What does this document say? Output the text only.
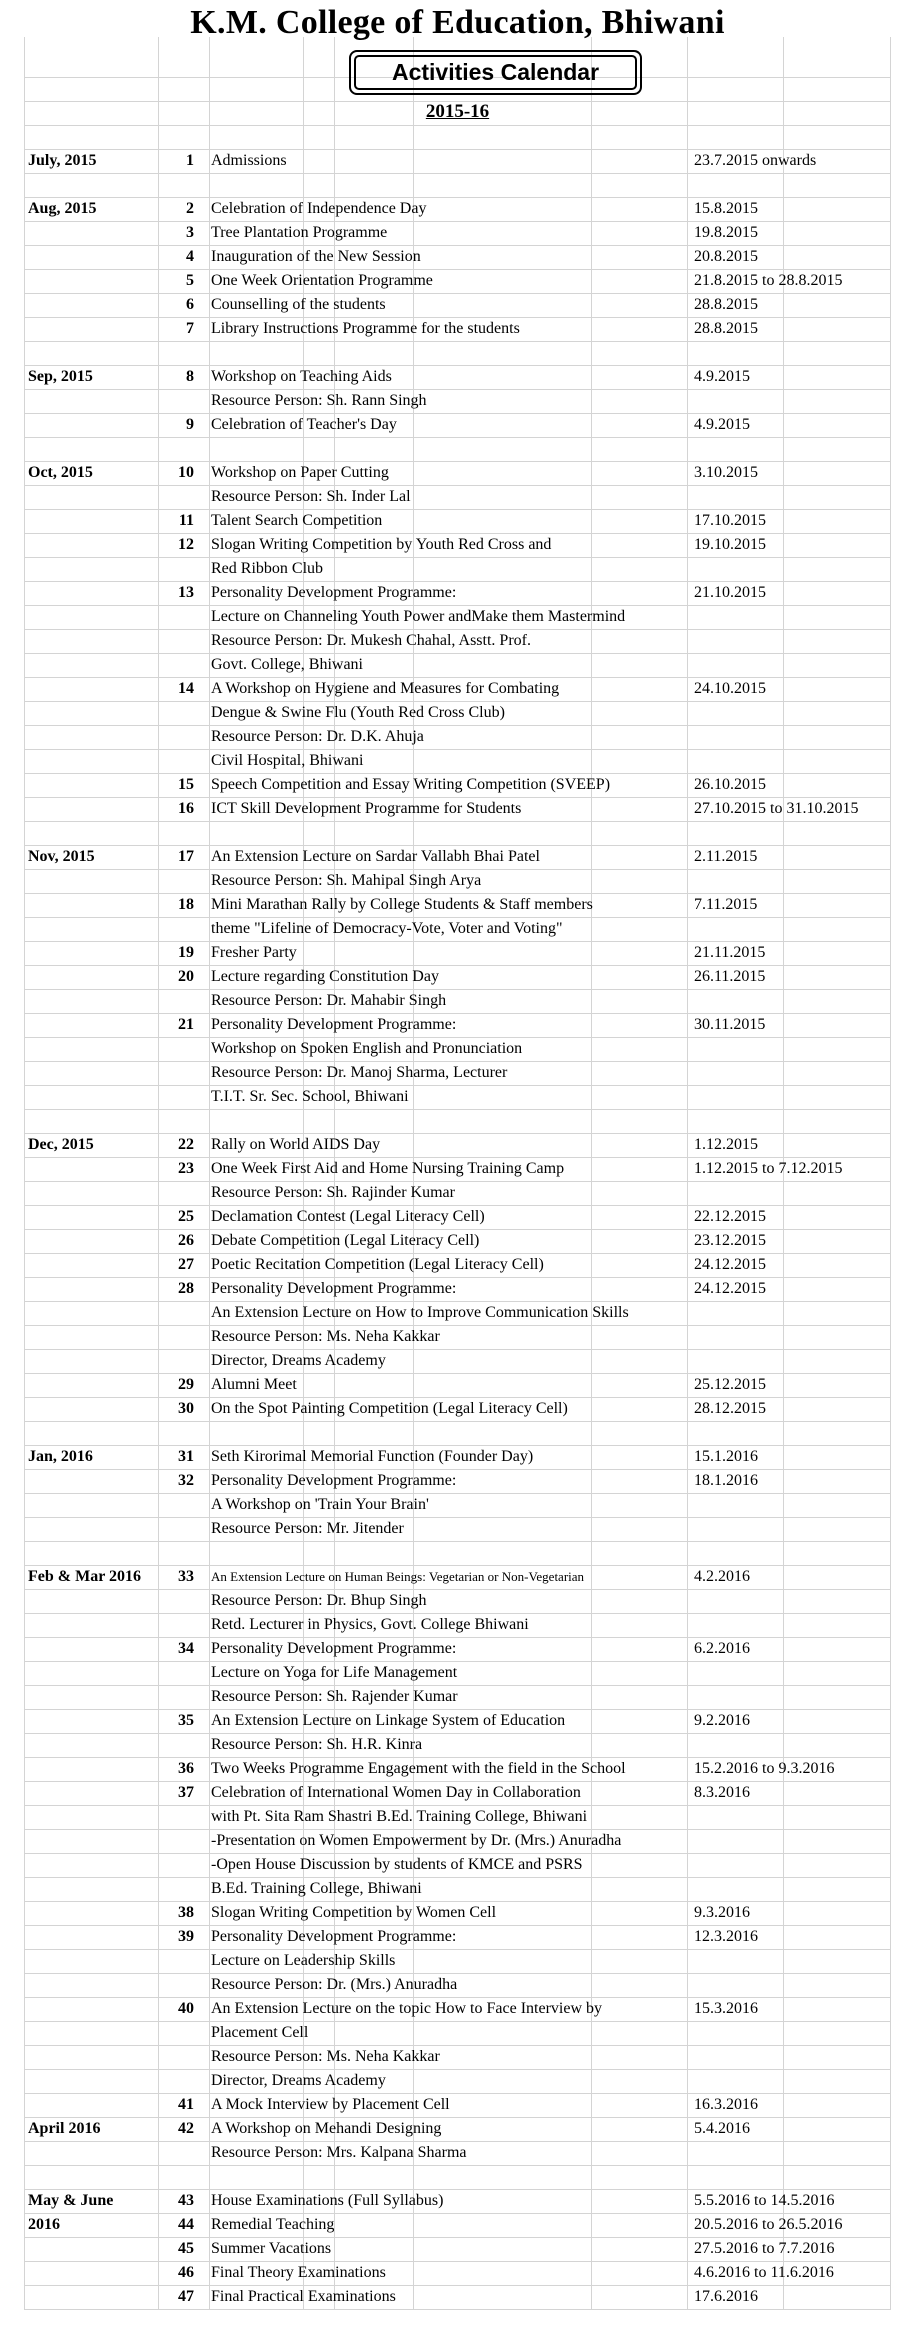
K.M. College of Education, Bhiwani
Activities Calendar
2015-16
July, 2015	1 Admissions	23.7.2015 onwards
Aug, 2015	2 Celebration of Independence Day	15.8.2015
3 Tree Plantation Programme	19.8.2015
4 Inauguration of the New Session	20.8.2015
5 One Week Orientation Programme	21.8.2015 to 28.8.2015
6 Counselling of the students	28.8.2015
7 Library Instructions Programme for the students	28.8.2015
Sep, 2015	8 Workshop on Teaching Aids	4.9.2015
Resource Person: Sh. Rann Singh
9 Celebration of Teacher's Day	4.9.2015
Oct, 2015	10 Workshop on Paper Cutting	3.10.2015
Resource Person: Sh. Inder Lal
11 Talent Search Competition	17.10.2015
12 Slogan Writing Competition by Youth Red Cross and	19.10.2015
Red Ribbon Club
13 Personality Development Programme:	21.10.2015
Lecture on Channeling Youth Power andMake them Mastermind
Resource Person: Dr. Mukesh Chahal, Asstt. Prof.
Govt. College, Bhiwani
14 A Workshop on Hygiene and Measures for Combating	24.10.2015
Dengue & Swine Flu (Youth Red Cross Club)
Resource Person: Dr. D.K. Ahuja
Civil Hospital, Bhiwani
15 Speech Competition and Essay Writing Competition (SVEEP)	26.10.2015
16 ICT Skill Development Programme for Students	27.10.2015 to 31.10.2015
Nov, 2015	17 An Extension Lecture on Sardar Vallabh Bhai Patel	2.11.2015
Resource Person: Sh. Mahipal Singh Arya
18 Mini Marathan Rally by College Students & Staff members	7.11.2015
theme "Lifeline of Democracy-Vote, Voter and Voting"
19 Fresher Party	21.11.2015
20 Lecture regarding Constitution Day	26.11.2015
Resource Person: Dr. Mahabir Singh
21 Personality Development Programme:	30.11.2015
Workshop on Spoken English and Pronunciation
Resource Person: Dr. Manoj Sharma, Lecturer
T.I.T. Sr. Sec. School, Bhiwani
Dec, 2015	22 Rally on World AIDS Day	1.12.2015
23 One Week First Aid and Home Nursing Training Camp	1.12.2015 to 7.12.2015
Resource Person: Sh. Rajinder Kumar
25 Declamation Contest (Legal Literacy Cell)	22.12.2015
26 Debate Competition (Legal Literacy Cell)	23.12.2015
27 Poetic Recitation Competition (Legal Literacy Cell)	24.12.2015
28 Personality Development Programme:	24.12.2015
An Extension Lecture on How to Improve Communication Skills
Resource Person: Ms. Neha Kakkar
Director, Dreams Academy
29 Alumni Meet	25.12.2015
30 On the Spot Painting Competition (Legal Literacy Cell)	28.12.2015
Jan, 2016	31 Seth Kirorimal Memorial Function (Founder Day)	15.1.2016
32 Personality Development Programme:	18.1.2016
A Workshop on 'Train Your Brain'
Resource Person: Mr. Jitender
Feb & Mar 2016	33 An Extension Lecture on Human Beings: Vegetarian or Non-Vegetarian	4.2.2016
Resource Person: Dr. Bhup Singh
Retd. Lecturer in Physics, Govt. College Bhiwani
34 Personality Development Programme:	6.2.2016
Lecture on Yoga for Life Management
Resource Person: Sh. Rajender Kumar
35 An Extension Lecture on Linkage System of Education	9.2.2016
Resource Person: Sh. H.R. Kinra
36 Two Weeks Programme Engagement with the field in the School	15.2.2016 to 9.3.2016
37 Celebration of International Women Day in Collaboration	8.3.2016
with Pt. Sita Ram Shastri B.Ed. Training College, Bhiwani
-Presentation on Women Empowerment by Dr. (Mrs.) Anuradha
-Open House Discussion by students of KMCE and PSRS
B.Ed. Training College, Bhiwani
38 Slogan Writing Competition by Women Cell	9.3.2016
39 Personality Development Programme:	12.3.2016
Lecture on Leadership Skills
Resource Person: Dr. (Mrs.) Anuradha
40 An Extension Lecture on the topic How to Face Interview by	15.3.2016
Placement Cell
Resource Person: Ms. Neha Kakkar
Director, Dreams Academy
41 A Mock Interview by Placement Cell	16.3.2016
April 2016	42 A Workshop on Mehandi Designing	5.4.2016
Resource Person: Mrs. Kalpana Sharma
May & June	43 House Examinations (Full Syllabus)	5.5.2016 to 14.5.2016
2016	44 Remedial Teaching	20.5.2016 to 26.5.2016
45 Summer Vacations	27.5.2016 to 7.7.2016
46 Final Theory Examinations	4.6.2016 to 11.6.2016
47 Final Practical Examinations	17.6.2016
